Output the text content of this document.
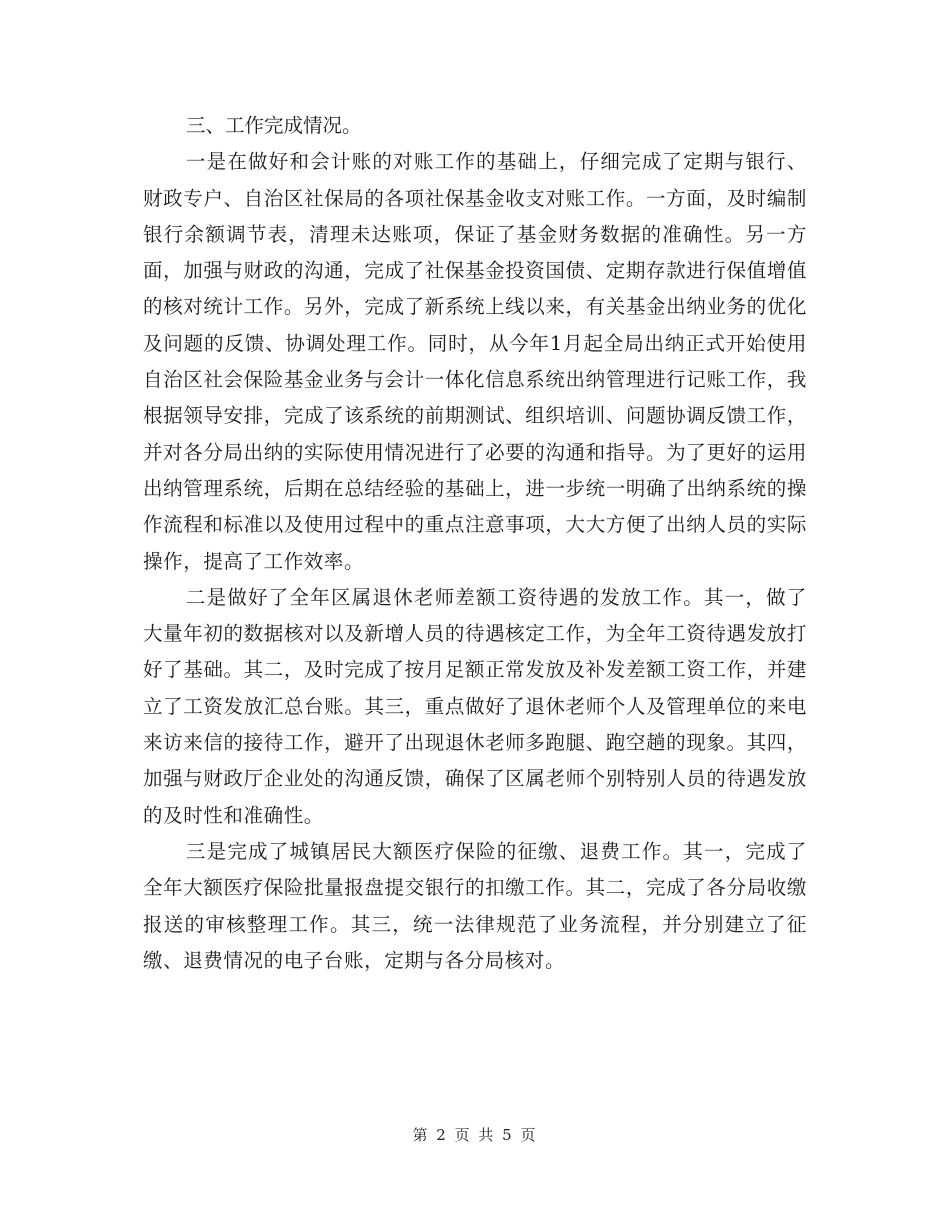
三、工作完成情况。

一是在做好和会计账的对账工作的基础上，仔细完成了定期与银行、财政专户、自治区社保局的各项社保基金收支对账工作。一方面，及时编制银行余额调节表，清理未达账项，保证了基金财务数据的准确性。另一方面，加强与财政的沟通，完成了社保基金投资国债、定期存款进行保值增值的核对统计工作。另外，完成了新系统上线以来，有关基金出纳业务的优化及问题的反馈、协调处理工作。同时，从今年1月起全局出纳正式开始使用自治区社会保险基金业务与会计一体化信息系统出纳管理进行记账工作，我根据领导安排，完成了该系统的前期测试、组织培训、问题协调反馈工作，并对各分局出纳的实际使用情况进行了必要的沟通和指导。为了更好的运用出纳管理系统，后期在总结经验的基础上，进一步统一明确了出纳系统的操作流程和标准以及使用过程中的重点注意事项，大大方便了出纳人员的实际操作，提高了工作效率。

二是做好了全年区属退休老师差额工资待遇的发放工作。其一，做了大量年初的数据核对以及新增人员的待遇核定工作，为全年工资待遇发放打好了基础。其二，及时完成了按月足额正常发放及补发差额工资工作，并建立了工资发放汇总台账。其三，重点做好了退休老师个人及管理单位的来电来访来信的接待工作，避开了出现退休老师多跑腿、跑空趟的现象。其四，加强与财政厅企业处的沟通反馈，确保了区属老师个别特别人员的待遇发放的及时性和准确性。

三是完成了城镇居民大额医疗保险的征缴、退费工作。其一，完成了全年大额医疗保险批量报盘提交银行的扣缴工作。其二，完成了各分局收缴报送的审核整理工作。其三，统一法律规范了业务流程，并分别建立了征缴、退费情况的电子台账，定期与各分局核对。

第 2 页 共 5 页
